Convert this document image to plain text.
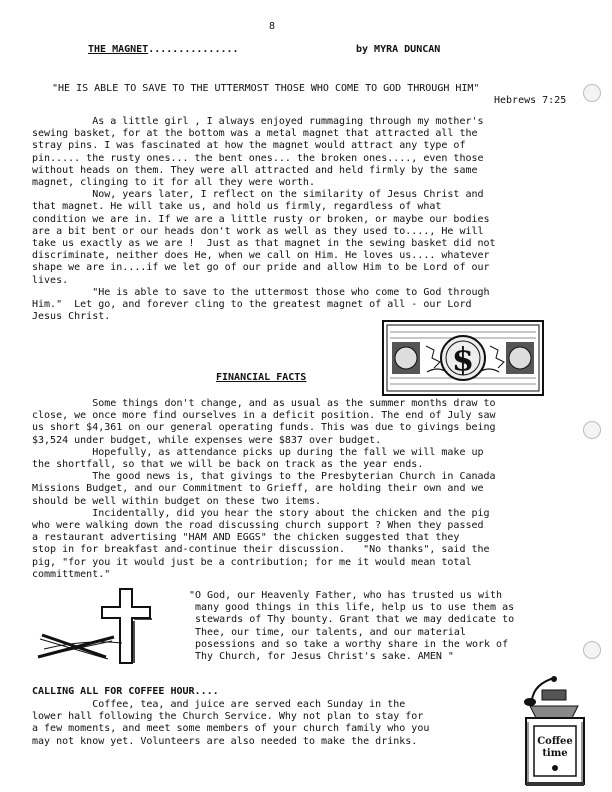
8
THE MAGNET...............	by MYRA DUNCAN
"HE IS ABLE TO SAVE TO THE UTTERMOST THOSE WHO COME TO GOD THROUGH HIM"
Hebrews 7:25
As a little girl , I always enjoyed rummaging through my mother's
sewing basket, for at the bottom was a metal magnet that attracted all the
stray pins. I was fascinated at how the magnet would attract any type of
pin..... the rusty ones... the bent ones... the broken ones...., even those
without heads on them. They were all attracted and held firmly by the same
magnet, clinging to it for all they were worth.
Now, years later, I reflect on the similarity of Jesus Christ and
that magnet. He will take us, and hold us firmly, regardless of what
condition we are in. If we are a little rusty or broken, or maybe our bodies
are a bit bent or our heads don't work as well as they used to...., He will
take us exactly as we are !  Just as that magnet in the sewing basket did not
discriminate, neither does He, when we call on Him. He loves us.... whatever
shape we are in....if we let go of our pride and allow Him to be Lord of our
lives.
"He is able to save to the uttermost those who come to God through
Him."  Let go, and forever cling to the greatest magnet of all - our Lord
Jesus Christ.
$
FINANCIAL FACTS
Some things don't change, and as usual as the summer months draw to
close, we once more find ourselves in a deficit position. The end of July saw
us short $4,361 on our general operating funds. This was due to givings being
$3,524 under budget, while expenses were $837 over budget.
Hopefully, as attendance picks up during the fall we will make up
the shortfall, so that we will be back on track as the year ends.
The good news is, that givings to the Presbyterian Church in Canada
Missions Budget, and our Commitment to Grieff, are holding their own and we
should be well within budget on these two items.
Incidentally, did you hear the story about the chicken and the pig
who were walking down the road discussing church support ? When they passed
a restaurant advertising "HAM AND EGGS" the chicken suggested that they
stop in for breakfast and-continue their discussion.   "No thanks", said the
pig, "for you it would just be a contribution; for me it would mean total
committment."
"O God, our Heavenly Father, who has trusted us with
many good things in this life, help us to use them as
stewards of Thy bounty. Grant that we may dedicate to
Thee, our time, our talents, and our material
posessions and so take a worthy share in the work of
Thy Church, for Jesus Christ's sake. AMEN "
CALLING ALL FOR COFFEE HOUR....
Coffee, tea, and juice are served each Sunday in the
lower hall following the Church Service. Why not plan to stay for
a few moments, and meet some members of your church family who you
may not know yet. Volunteers are also needed to make the drinks.	Coffee
time
